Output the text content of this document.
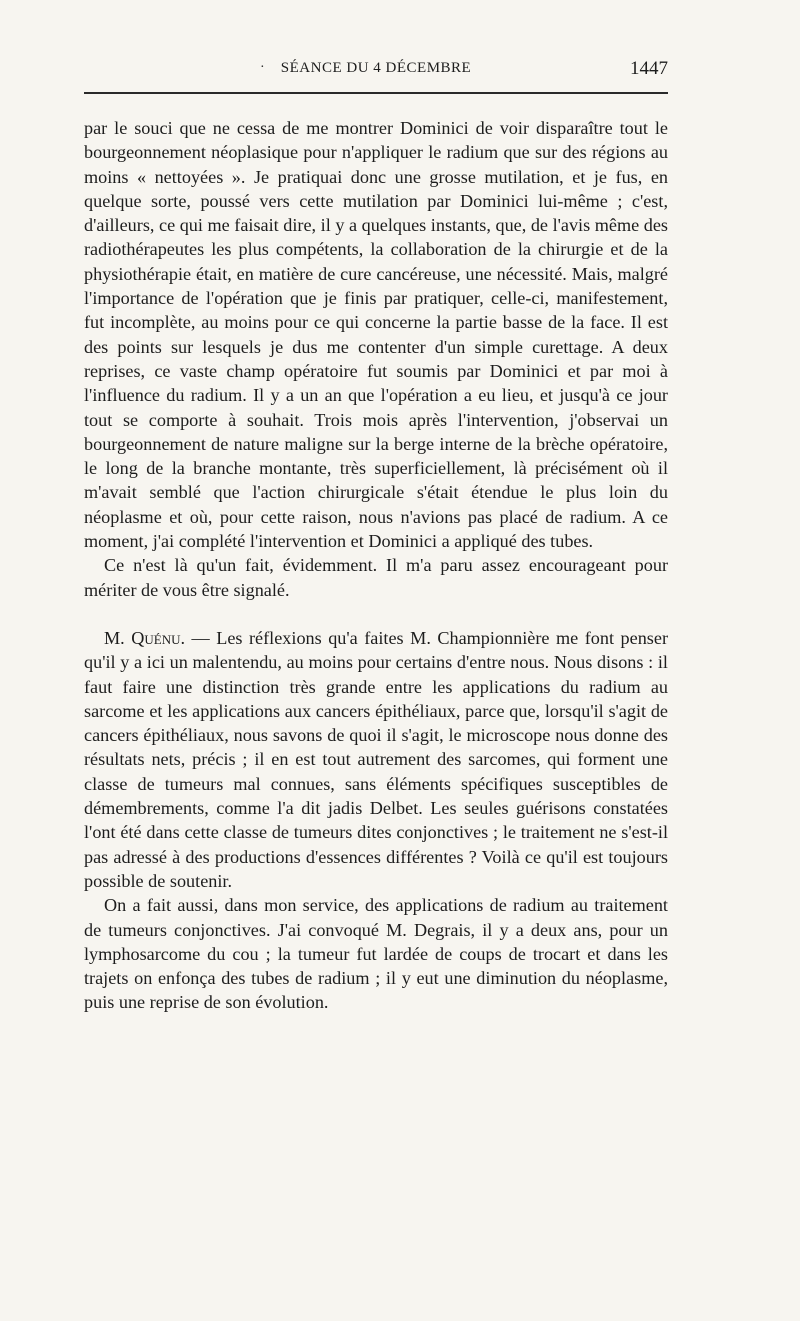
·	SÉANCE DU 4 DÉCEMBRE	1447

par le souci que ne cessa de me montrer Dominici de voir disparaître tout le bourgeonnement néoplasique pour n'appliquer le radium que sur des régions au moins « nettoyées ». Je pratiquai donc une grosse mutilation, et je fus, en quelque sorte, poussé vers cette mutilation par Dominici lui-même ; c'est, d'ailleurs, ce qui me faisait dire, il y a quelques instants, que, de l'avis même des radiothérapeutes les plus compétents, la collaboration de la chirurgie et de la physiothérapie était, en matière de cure cancéreuse, une nécessité. Mais, malgré l'importance de l'opération que je finis par pratiquer, celle-ci, manifestement, fut incomplète, au moins pour ce qui concerne la partie basse de la face. Il est des points sur lesquels je dus me contenter d'un simple curettage. A deux reprises, ce vaste champ opératoire fut soumis par Dominici et par moi à l'influence du radium. Il y a un an que l'opération a eu lieu, et jusqu'à ce jour tout se comporte à souhait. Trois mois après l'intervention, j'observai un bourgeonnement de nature maligne sur la berge interne de la brèche opératoire, le long de la branche montante, très superficiellement, là précisément où il m'avait semblé que l'action chirurgicale s'était étendue le plus loin du néoplasme et où, pour cette raison, nous n'avions pas placé de radium. A ce moment, j'ai complété l'intervention et Dominici a appliqué des tubes.

Ce n'est là qu'un fait, évidemment. Il m'a paru assez encourageant pour mériter de vous être signalé.

M. Quénu. — Les réflexions qu'a faites M. Championnière me font penser qu'il y a ici un malentendu, au moins pour certains d'entre nous. Nous disons : il faut faire une distinction très grande entre les applications du radium au sarcome et les applications aux cancers épithéliaux, parce que, lorsqu'il s'agit de cancers épithéliaux, nous savons de quoi il s'agit, le microscope nous donne des résultats nets, précis ; il en est tout autrement des sarcomes, qui forment une classe de tumeurs mal connues, sans éléments spécifiques susceptibles de démembrements, comme l'a dit jadis Delbet. Les seules guérisons constatées l'ont été dans cette classe de tumeurs dites conjonctives ; le traitement ne s'est-il pas adressé à des productions d'essences différentes ? Voilà ce qu'il est toujours possible de soutenir.

On a fait aussi, dans mon service, des applications de radium au traitement de tumeurs conjonctives. J'ai convoqué M. Degrais, il y a deux ans, pour un lymphosarcome du cou ; la tumeur fut lardée de coups de trocart et dans les trajets on enfonça des tubes de radium ; il y eut une diminution du néoplasme, puis une reprise de son évolution.
